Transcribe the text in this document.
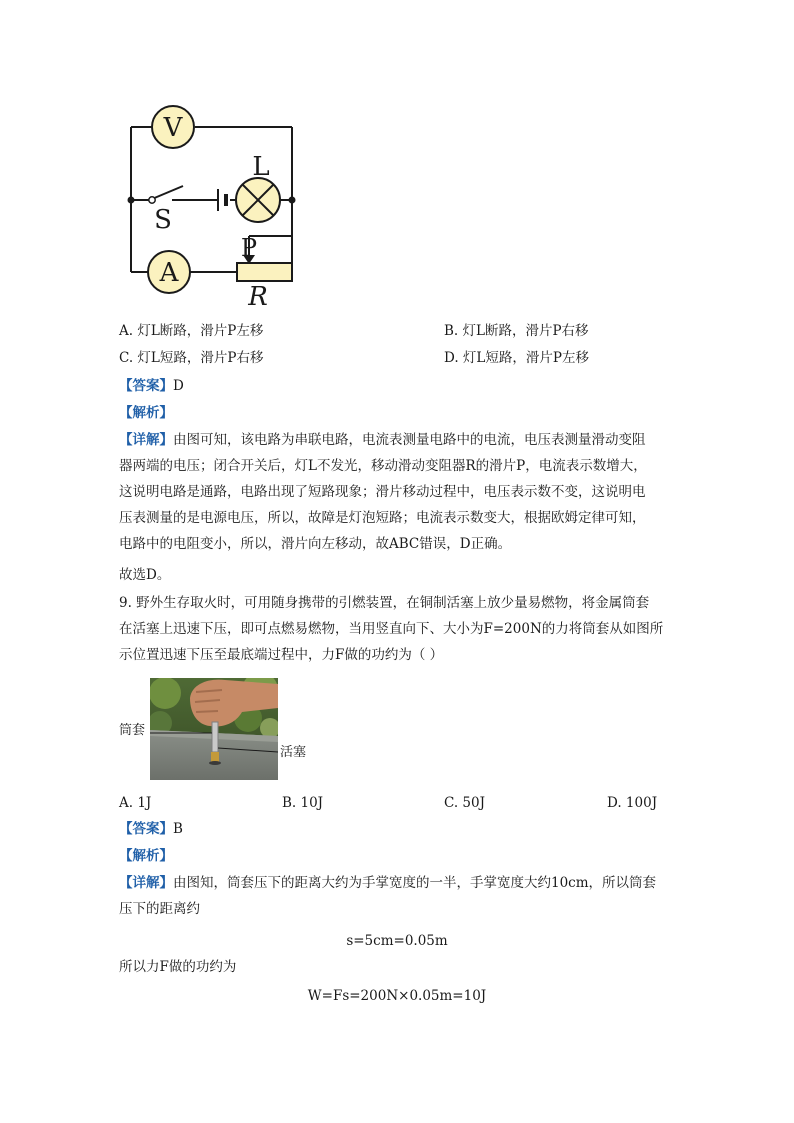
V
L
S
A
P
R
A. 灯L断路，滑片P左移	B. 灯L断路，滑片P右移
C. 灯L短路，滑片P右移	D. 灯L短路，滑片P左移
【答案】D
【解析】
【详解】由图可知，该电路为串联电路，电流表测量电路中的电流，电压表测量滑动变阻
器两端的电压；闭合开关后，灯L不发光，移动滑动变阻器R的滑片P，电流表示数增大，
这说明电路是通路，电路出现了短路现象；滑片移动过程中，电压表示数不变，这说明电
压表测量的是电源电压，所以，故障是灯泡短路；电流表示数变大，根据欧姆定律可知，
电路中的电阻变小，所以，滑片向左移动，故ABC错误，D正确。
故选D。
9. 野外生存取火时，可用随身携带的引燃装置，在铜制活塞上放少量易燃物，将金属筒套
在活塞上迅速下压，即可点燃易燃物，当用竖直向下、大小为F=200N的力将筒套从如图所
示位置迅速下压至最底端过程中，力F做的功约为（ ）
筒套
活塞
A. 1J	B. 10J	C. 50J	D. 100J
【答案】B
【解析】
【详解】由图知，筒套压下的距离大约为手掌宽度的一半，手掌宽度大约10cm，所以筒套
压下的距离约
s=5cm=0.05m
所以力F做的功约为
W=Fs=200N×0.05m=10J
